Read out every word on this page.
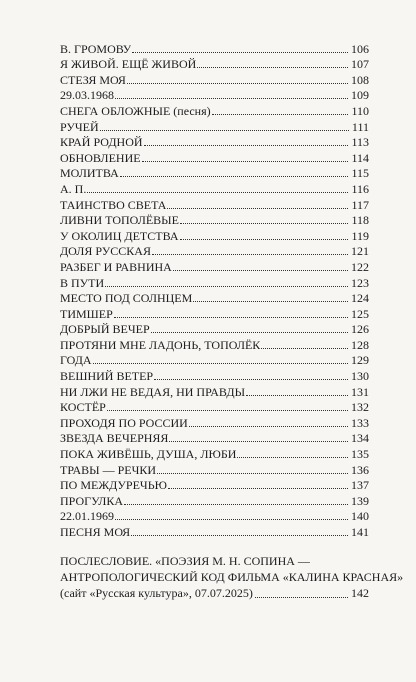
В. ГРОМОВУ	106
Я ЖИВОЙ. ЕЩЁ ЖИВОЙ	107
СТЕЗЯ МОЯ	108
29.03.1968	109
СНЕГА ОБЛОЖНЫЕ (песня)	110
РУЧЕЙ	111
КРАЙ РОДНОЙ	113
ОБНОВЛЕНИЕ	114
МОЛИТВА	115
А. П.	116
ТАИНСТВО СВЕТА	117
ЛИВНИ ТОПОЛЁВЫЕ	118
У ОКОЛИЦ ДЕТСТВА	119
ДОЛЯ РУССКАЯ	121
РАЗБЕГ И РАВНИНА	122
В ПУТИ	123
МЕСТО ПОД СОЛНЦЕМ	124
ТИМШЕР	125
ДОБРЫЙ ВЕЧЕР	126
ПРОТЯНИ МНЕ ЛАДОНЬ, ТОПОЛЁК	128
ГОДА	129
ВЕШНИЙ ВЕТЕР	130
НИ ЛЖИ НЕ ВЕДАЯ, НИ ПРАВДЫ	131
КОСТЁР	132
ПРОХОДЯ ПО РОССИИ	133
ЗВЕЗДА ВЕЧЕРНЯЯ	134
ПОКА ЖИВЁШЬ, ДУША, ЛЮБИ	135
ТРАВЫ — РЕЧКИ	136
ПО МЕЖДУРЕЧЬЮ	137
ПРОГУЛКА	139
22.01.1969	140
ПЕСНЯ МОЯ	141
ПОСЛЕСЛОВИЕ. «ПОЭЗИЯ М. Н. СОПИНА —
АНТРОПОЛОГИЧЕСКИЙ КОД ФИЛЬМА «КАЛИНА КРАСНАЯ»
(сайт «Русская культура», 07.07.2025)	142
